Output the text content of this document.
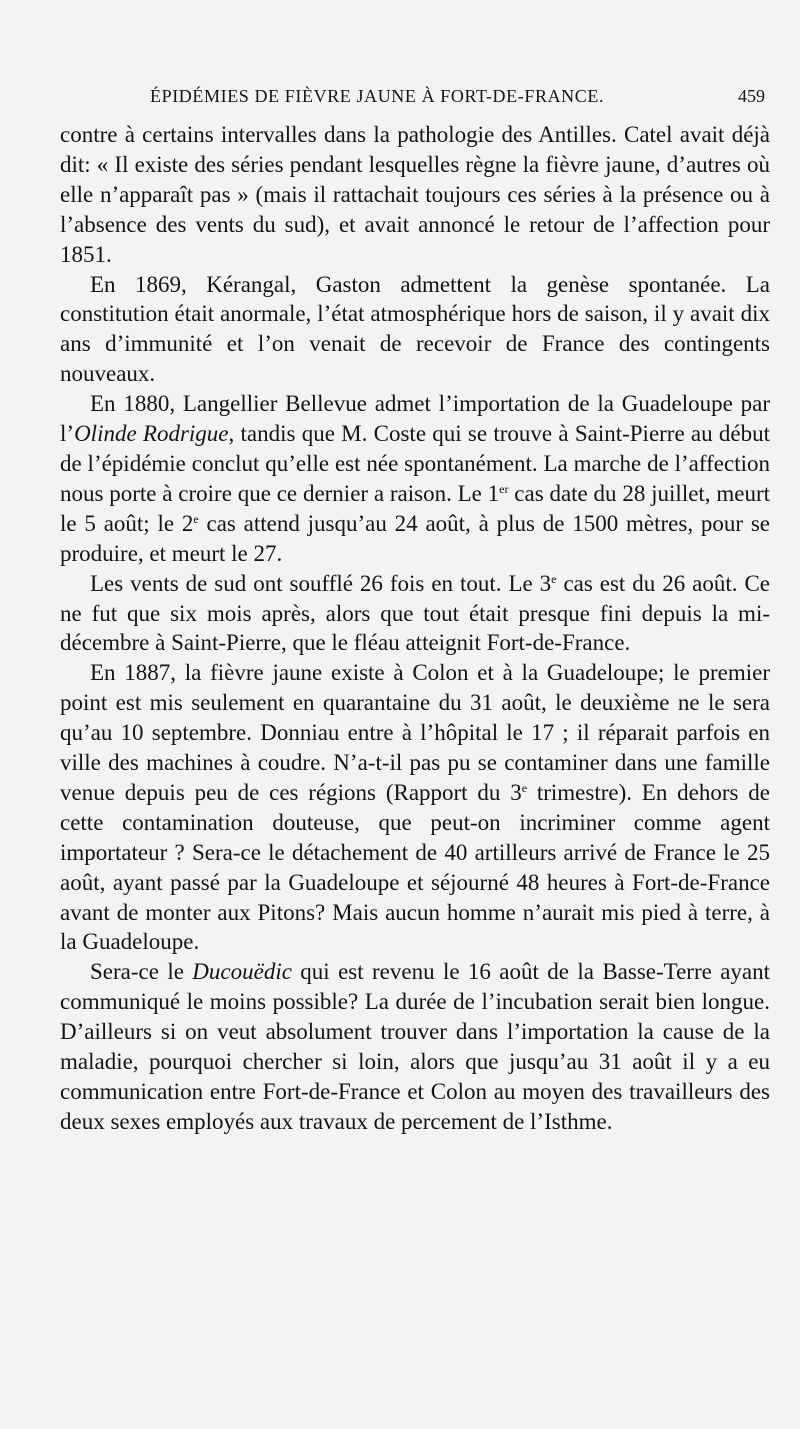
ÉPIDÉMIES DE FIÈVRE JAUNE À FORT-DE-FRANCE.	459

contre à certains intervalles dans la pathologie des Antilles. Catel avait déjà dit: « Il existe des séries pendant lesquelles règne la fièvre jaune, d’autres où elle n’apparaît pas » (mais il rattachait toujours ces séries à la présence ou à l’absence des vents du sud), et avait annoncé le retour de l’affection pour 1851.

En 1869, Kérangal, Gaston admettent la genèse spontanée. La constitution était anormale, l’état atmosphérique hors de saison, il y avait dix ans d’immunité et l’on venait de recevoir de France des contingents nouveaux.

En 1880, Langellier Bellevue admet l’importation de la Guadeloupe par l’Olinde Rodrigue, tandis que M. Coste qui se trouve à Saint-Pierre au début de l’épidémie conclut qu’elle est née spontanément. La marche de l’affection nous porte à croire que ce dernier a raison. Le 1er cas date du 28 juillet, meurt le 5 août; le 2e cas attend jusqu’au 24 août, à plus de 1500 mètres, pour se produire, et meurt le 27.

Les vents de sud ont soufflé 26 fois en tout. Le 3e cas est du 26 août. Ce ne fut que six mois après, alors que tout était presque fini depuis la mi-décembre à Saint-Pierre, que le fléau atteignit Fort-de-France.

En 1887, la fièvre jaune existe à Colon et à la Guadeloupe; le premier point est mis seulement en quarantaine du 31 août, le deuxième ne le sera qu’au 10 septembre. Donniau entre à l’hôpital le 17 ; il réparait parfois en ville des machines à coudre. N’a-t-il pas pu se contaminer dans une famille venue depuis peu de ces régions (Rapport du 3e trimestre). En dehors de cette contamination douteuse, que peut-on incriminer comme agent importateur ? Sera-ce le détachement de 40 artilleurs arrivé de France le 25 août, ayant passé par la Guadeloupe et séjourné 48 heures à Fort-de-France avant de monter aux Pitons? Mais aucun homme n’aurait mis pied à terre, à la Guadeloupe.

Sera-ce le Ducouëdic qui est revenu le 16 août de la Basse-Terre ayant communiqué le moins possible? La durée de l’incubation serait bien longue. D’ailleurs si on veut absolument trouver dans l’importation la cause de la maladie, pourquoi chercher si loin, alors que jusqu’au 31 août il y a eu communication entre Fort-de-France et Colon au moyen des travailleurs des deux sexes employés aux travaux de percement de l’Isthme.
